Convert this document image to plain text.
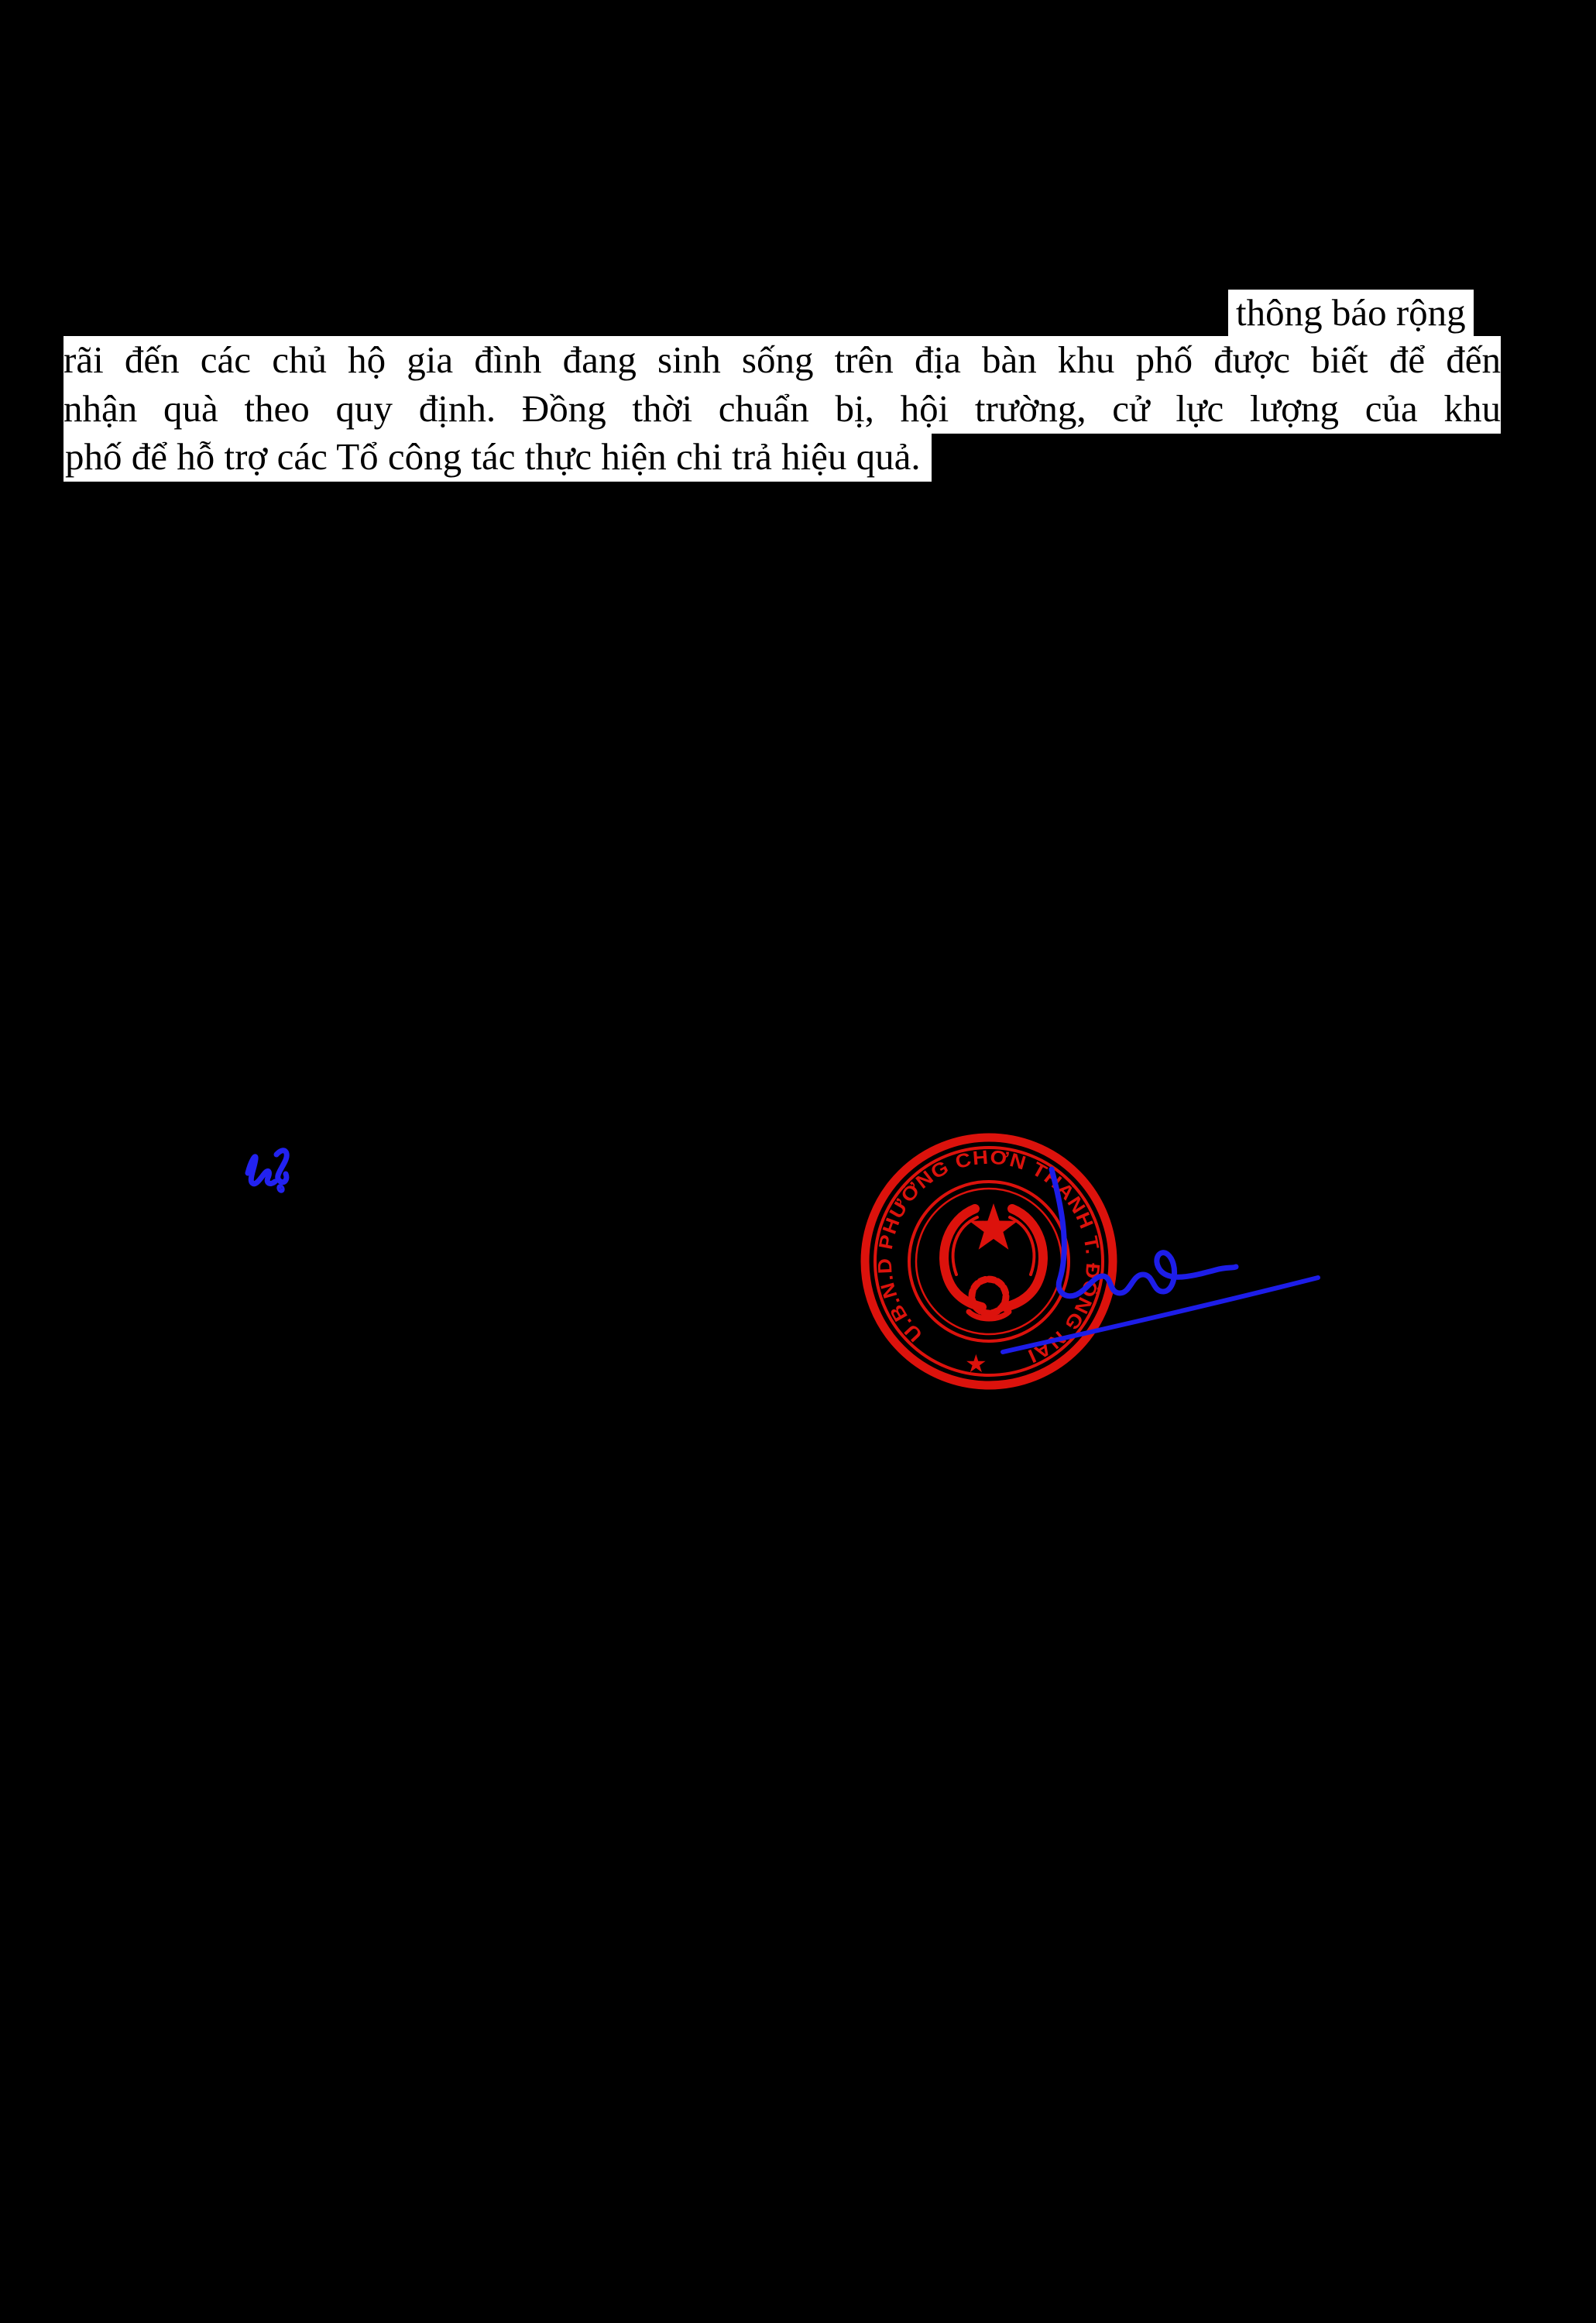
thông báo rộng
rãi đến các chủ hộ gia đình đang sinh sống trên địa bàn khu phố được biết để đến
nhận quà theo quy định. Đồng thời chuẩn bị, hội trường, cử lực lượng của khu
phố để hỗ trợ các Tổ công tác thực hiện chi trả hiệu quả.
U.B.N.D PHƯỜNG CHƠN THÀNH T. ĐỒNG NAI
★
